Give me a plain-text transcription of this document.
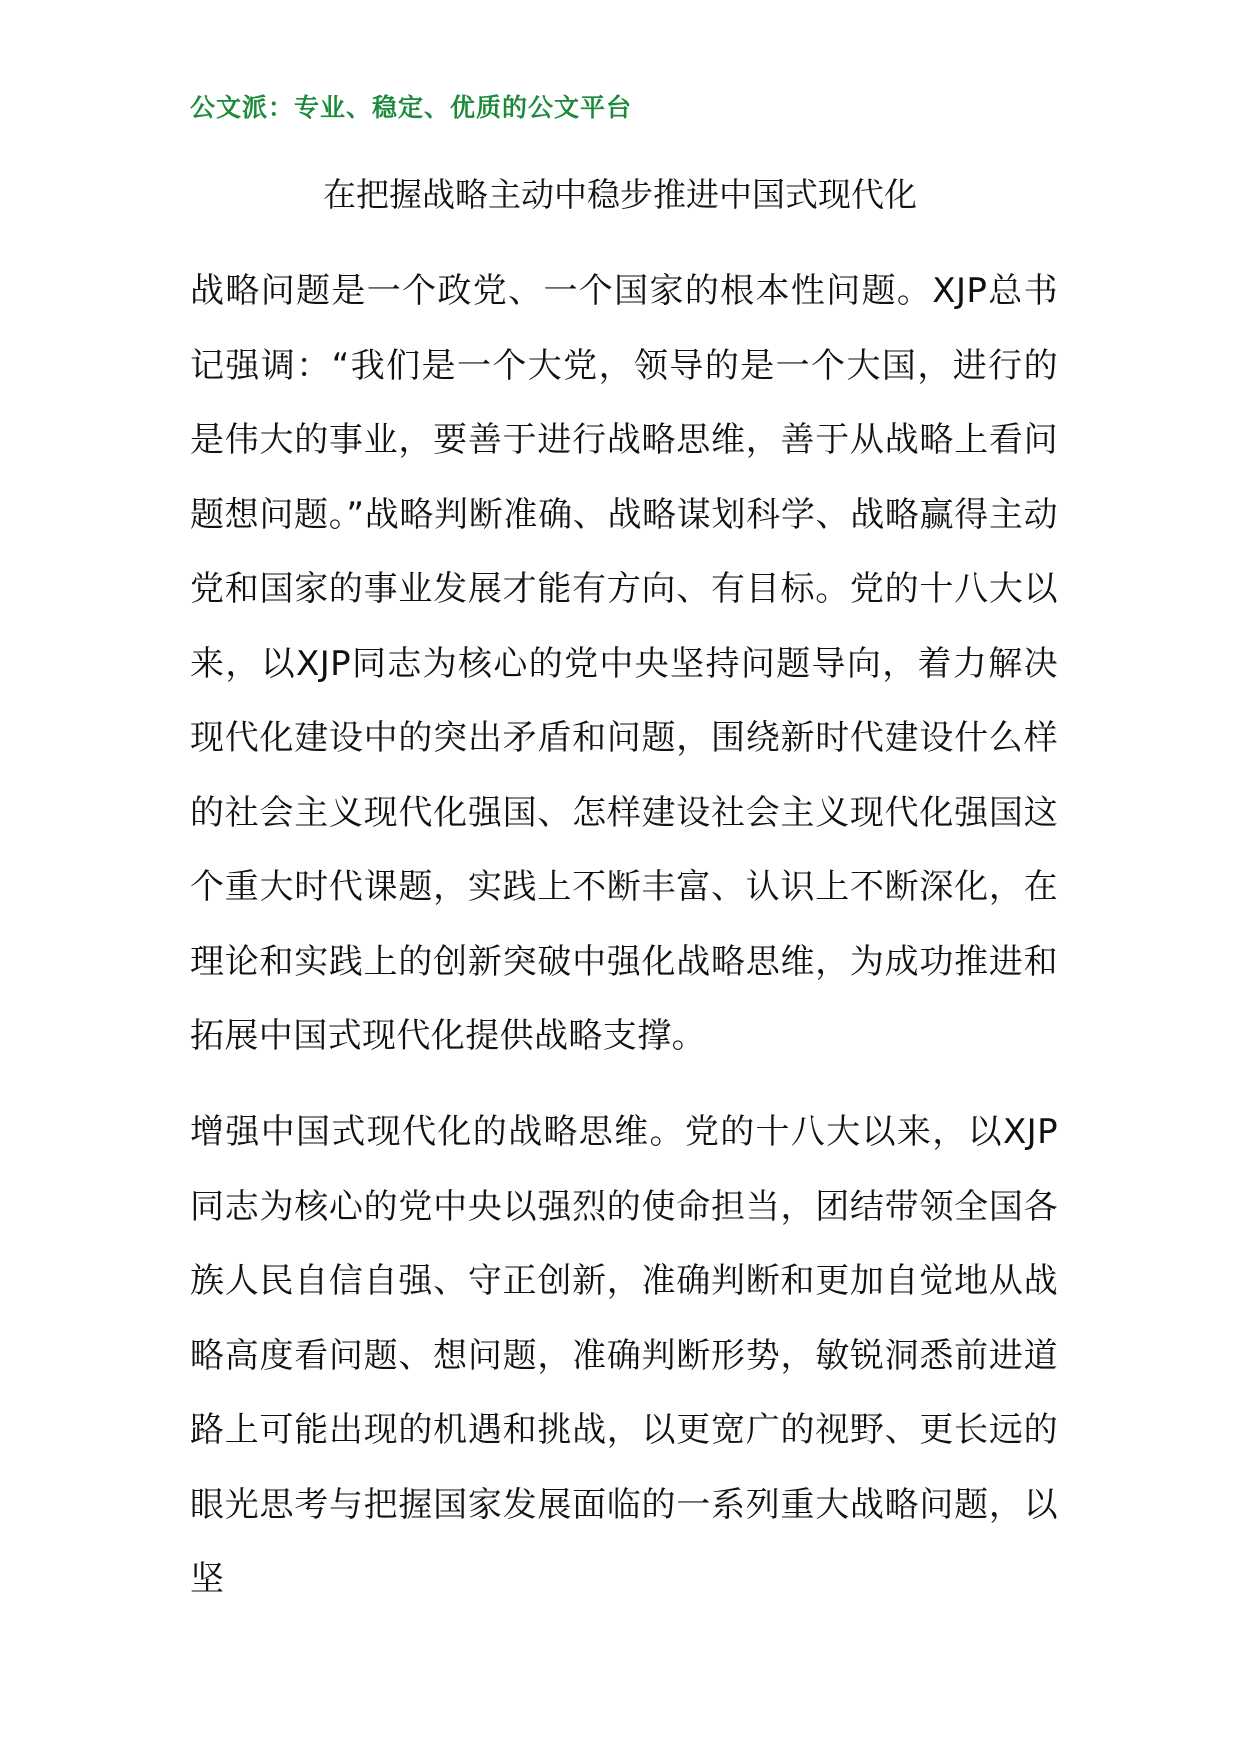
公文派：专业、稳定、优质的公文平台
在把握战略主动中稳步推进中国式现代化

战略问题是一个政党、一个国家的根本性问题。XJP总书记强调：“我们是一个大党，领导的是一个大国，进行的是伟大的事业，要善于进行战略思维，善于从战略上看问题想问题。”战略判断准确、战略谋划科学、战略赢得主动党和国家的事业发展才能有方向、有目标。党的十八大以来，以XJP同志为核心的党中央坚持问题导向，着力解决现代化建设中的突出矛盾和问题，围绕新时代建设什么样的社会主义现代化强国、怎样建设社会主义现代化强国这个重大时代课题，实践上不断丰富、认识上不断深化，在理论和实践上的创新突破中强化战略思维，为成功推进和拓展中国式现代化提供战略支撑。

增强中国式现代化的战略思维。党的十八大以来，以XJP同志为核心的党中央以强烈的使命担当，团结带领全国各族人民自信自强、守正创新，准确判断和更加自觉地从战略高度看问题、想问题，准确判断形势，敏锐洞悉前进道路上可能出现的机遇和挑战，以更宽广的视野、更长远的眼光思考与把握国家发展面临的一系列重大战略问题，以坚
